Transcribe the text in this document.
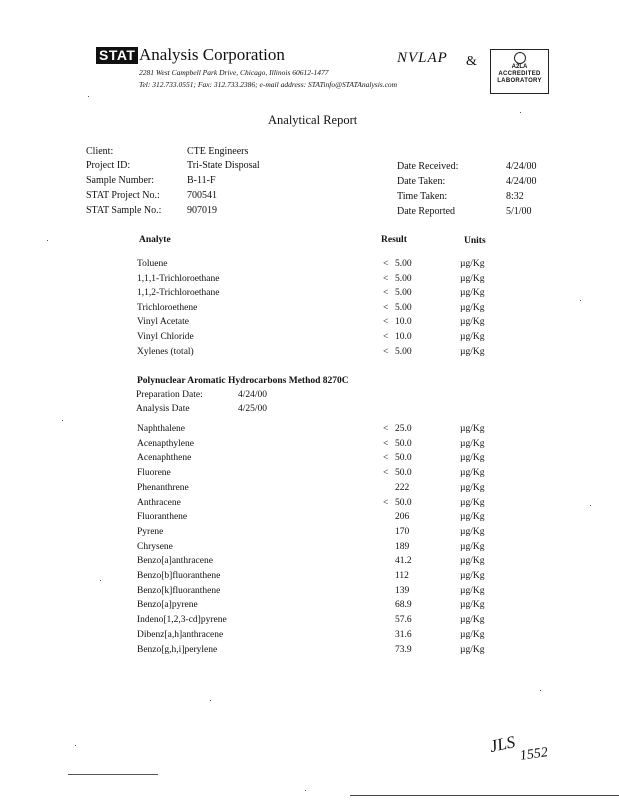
STAT Analysis Corporation
2281 West Campbell Park Drive, Chicago, Illinois 60612-1477
Tel: 312.733.0551; Fax: 312.733.2386; e-mail address: STATinfo@STATAnalysis.com
NVLAP &	A2LA
ACCREDITED LABORATORY
Analytical Report
Client:	CTE Engineers
Project ID:	Tri-State Disposal
Sample Number:	B-11-F
STAT Project No.:	700541
STAT Sample No.:	907019
Date Received:	4/24/00
Date Taken:	4/24/00
Time Taken:	8:32
Date Reported	5/1/00
Analyte	Result	Units
Toluene	< 5.00	µg/Kg
1,1,1-Trichloroethane	< 5.00	µg/Kg
1,1,2-Trichloroethane	< 5.00	µg/Kg
Trichloroethene	< 5.00	µg/Kg
Vinyl Acetate	< 10.0	µg/Kg
Vinyl Chloride	< 10.0	µg/Kg
Xylenes (total)	< 5.00	µg/Kg
Polynuclear Aromatic Hydrocarbons Method 8270C
Preparation Date:	4/24/00
Analysis Date	4/25/00
Naphthalene	< 25.0	µg/Kg
Acenapthylene	< 50.0	µg/Kg
Acenaphthene	< 50.0	µg/Kg
Fluorene	< 50.0	µg/Kg
Phenanthrene	222	µg/Kg
Anthracene	< 50.0	µg/Kg
Fluoranthene	206	µg/Kg
Pyrene	170	µg/Kg
Chrysene	189	µg/Kg
Benzo[a]anthracene	41.2	µg/Kg
Benzo[b]fluoranthene	112	µg/Kg
Benzo[k]fluoranthene	139	µg/Kg
Benzo[a]pyrene	68.9	µg/Kg
Indeno[1,2,3-cd]pyrene	57.6	µg/Kg
Dibenz[a,h]anthracene	31.6	µg/Kg
Benzo[g,h,i]perylene	73.9	µg/Kg
JLS 1552
